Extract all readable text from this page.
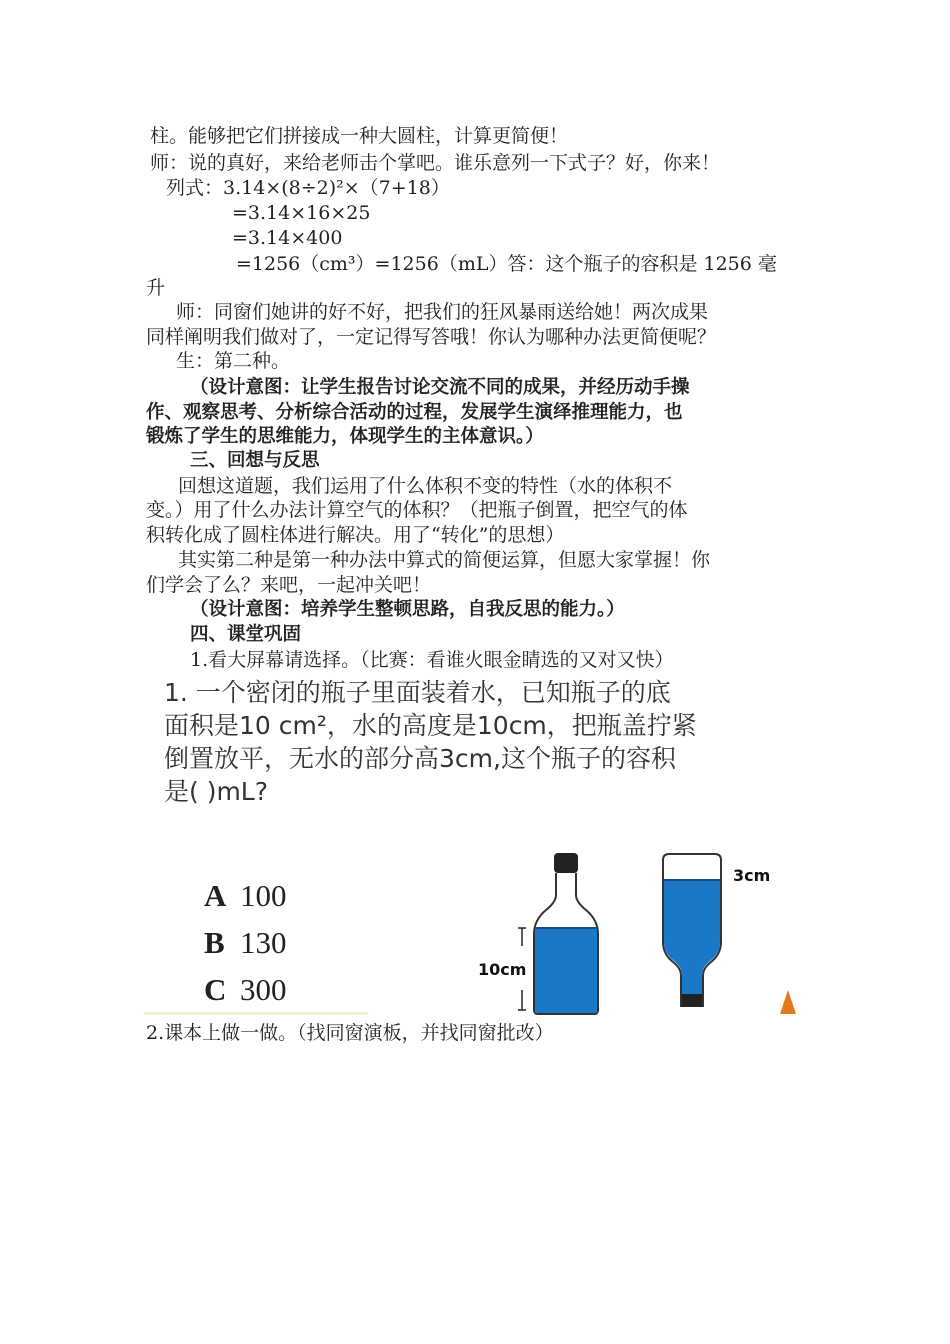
柱。能够把它们拼接成一种大圆柱，计算更简便！
师：说的真好，来给老师击个掌吧。谁乐意列一下式子？好，你来！
列式：3.14×(8÷2)²×（7+18）
=3.14×16×25
=3.14×400
=1256（cm³）=1256（mL）答：这个瓶子的容积是 1256 毫
升
师：同窗们她讲的好不好，把我们的狂风暴雨送给她！两次成果
同样阐明我们做对了，一定记得写答哦！你认为哪种办法更简便呢？
生：第二种。
（设计意图：让学生报告讨论交流不同的成果，并经历动手操
作、观察思考、分析综合活动的过程，发展学生演绎推理能力，也
锻炼了学生的思维能力，体现学生的主体意识。）
三、回想与反思
回想这道题，我们运用了什么体积不变的特性（水的体积不
变。）用了什么办法计算空气的体积？（把瓶子倒置，把空气的体
积转化成了圆柱体进行解决。用了“转化”的思想）
其实第二种是第一种办法中算式的简便运算，但愿大家掌握！你
们学会了么？来吧，一起冲关吧！
（设计意图：培养学生整顿思路，自我反思的能力。）
四、课堂巩固
1.看大屏幕请选择。（比赛：看谁火眼金睛选的又对又快）
1. 一个密闭的瓶子里面装着水，已知瓶子的底
面积是10 cm²，水的高度是10cm，把瓶盖拧紧
倒置放平，无水的部分高3cm,这个瓶子的容积
是( )mL?
A 100
B 130
C 300
10cm
3cm
2.课本上做一做。（找同窗演板，并找同窗批改）
